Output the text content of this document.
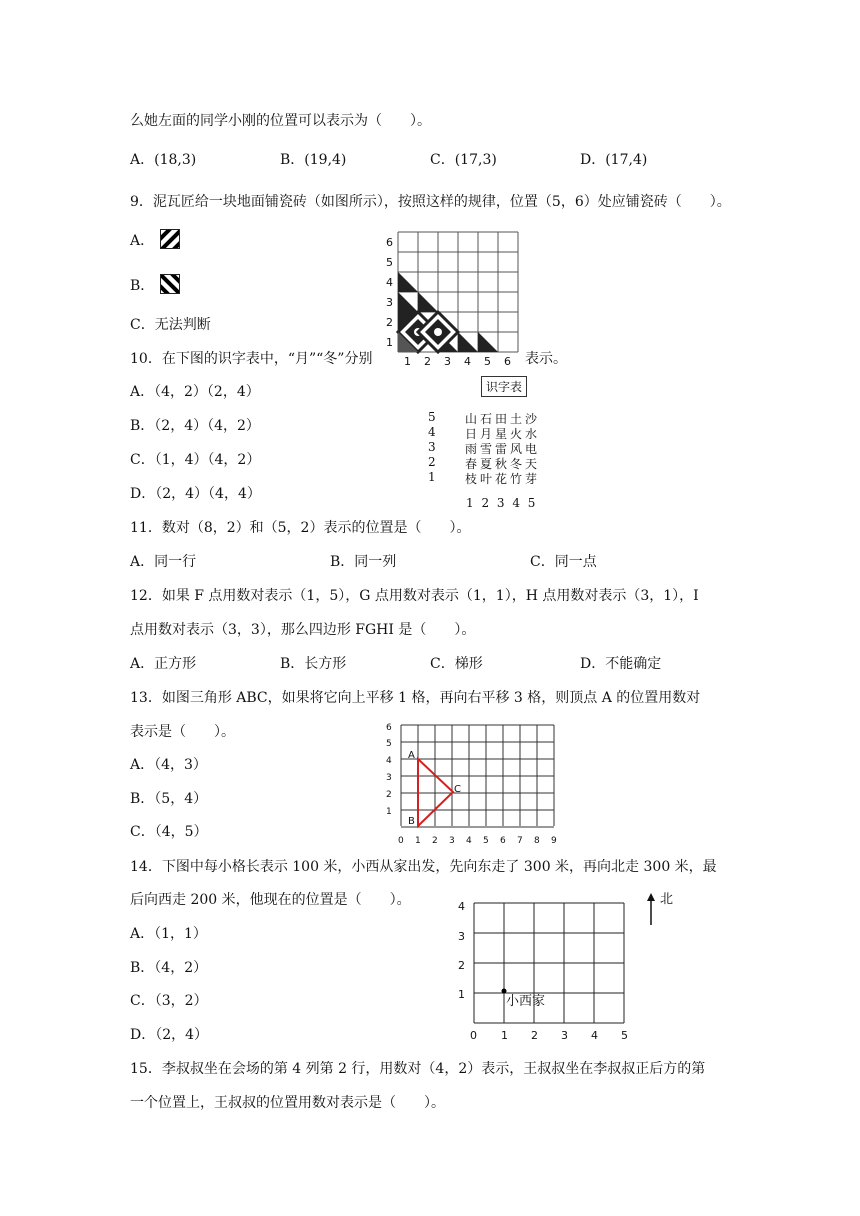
么她左面的同学小刚的位置可以表示为（　　）。
A．(18,3)	B．(19,4)	C．(17,3)	D．(17,4)
9．泥瓦匠给一块地面铺瓷砖（如图所示），按照这样的规律，位置（5，6）处应铺瓷砖（　　）。
A．
B．
C．无法判断
6
5
4
3
2
1
1 2 3 4 5 6
10．在下图的识字表中，“月”“冬”分别	表示。
A．（4，2）（2，4）
B．（2，4）（4，2）
C．（1，4）（4，2）
D．（2，4）（4，4）
识字表
5
4
3
2
1
山石田土沙
日月星火水
雨雪雷风电
春夏秋冬天
枝叶花竹芽
1 2 3 4 5
11．数对（8，2）和（5，2）表示的位置是（　　）。
A．同一行	B．同一列	C．同一点
12．如果 F 点用数对表示（1，5），G 点用数对表示（1，1），H 点用数对表示（3，1），I
点用数对表示（3，3），那么四边形 FGHI 是（　　）。
A．正方形	B．长方形	C．梯形	D．不能确定
13．如图三角形 ABC，如果将它向上平移 1 格，再向右平移 3 格，则顶点 A 的位置用数对
表示是（　　）。
A．（4，3）
B．（5，4）
C．（4，5）
A
B
C
6
5
4
3
2
1
0 1 2 3 4 5 6 7 8 9
14．下图中每小格长表示 100 米，小西从家出发，先向东走了 300 米，再向北走 300 米，最
后向西走 200 米，他现在的位置是（　　）。
A．（1，1）
B．（4，2）
C．（3，2）
D．（2，4）
小西家
北
4
3
2
1
0 1 2 3 4 5
15．李叔叔坐在会场的第 4 列第 2 行，用数对（4，2）表示，王叔叔坐在李叔叔正后方的第
一个位置上，王叔叔的位置用数对表示是（　　）。
